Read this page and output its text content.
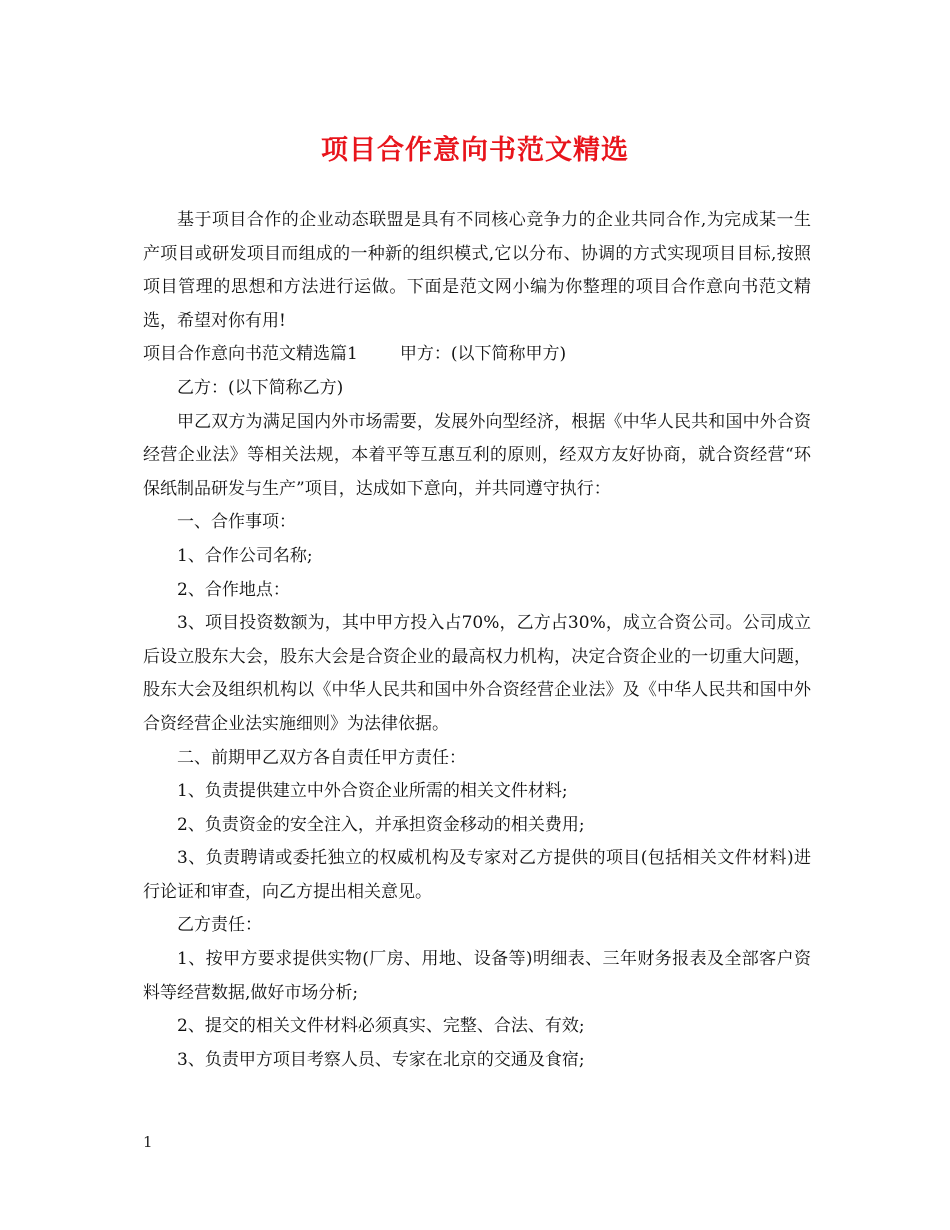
项目合作意向书范文精选

基于项目合作的企业动态联盟是具有不同核心竞争力的企业共同合作,为完成某一生产项目或研发项目而组成的一种新的组织模式,它以分布、协调的方式实现项目目标,按照项目管理的思想和方法进行运做。下面是范文网小编为你整理的项目合作意向书范文精选，希望对你有用!

项目合作意向书范文精选篇1 甲方：(以下简称甲方)

乙方：(以下简称乙方)

甲乙双方为满足国内外市场需要，发展外向型经济，根据《中华人民共和国中外合资经营企业法》等相关法规，本着平等互惠互利的原则，经双方友好协商，就合资经营“环保纸制品研发与生产”项目，达成如下意向，并共同遵守执行：

一、合作事项：

1、合作公司名称;

2、合作地点：

3、项目投资数额为，其中甲方投入占70%，乙方占30%，成立合资公司。公司成立后设立股东大会，股东大会是合资企业的最高权力机构，决定合资企业的一切重大问题，股东大会及组织机构以《中华人民共和国中外合资经营企业法》及《中华人民共和国中外合资经营企业法实施细则》为法律依据。

二、前期甲乙双方各自责任甲方责任：

1、负责提供建立中外合资企业所需的相关文件材料;

2、负责资金的安全注入，并承担资金移动的相关费用;

3、负责聘请或委托独立的权威机构及专家对乙方提供的项目(包括相关文件材料)进行论证和审查，向乙方提出相关意见。

乙方责任：

1、按甲方要求提供实物(厂房、用地、设备等)明细表、三年财务报表及全部客户资料等经营数据,做好市场分析;

2、提交的相关文件材料必须真实、完整、合法、有效;

3、负责甲方项目考察人员、专家在北京的交通及食宿;

1
